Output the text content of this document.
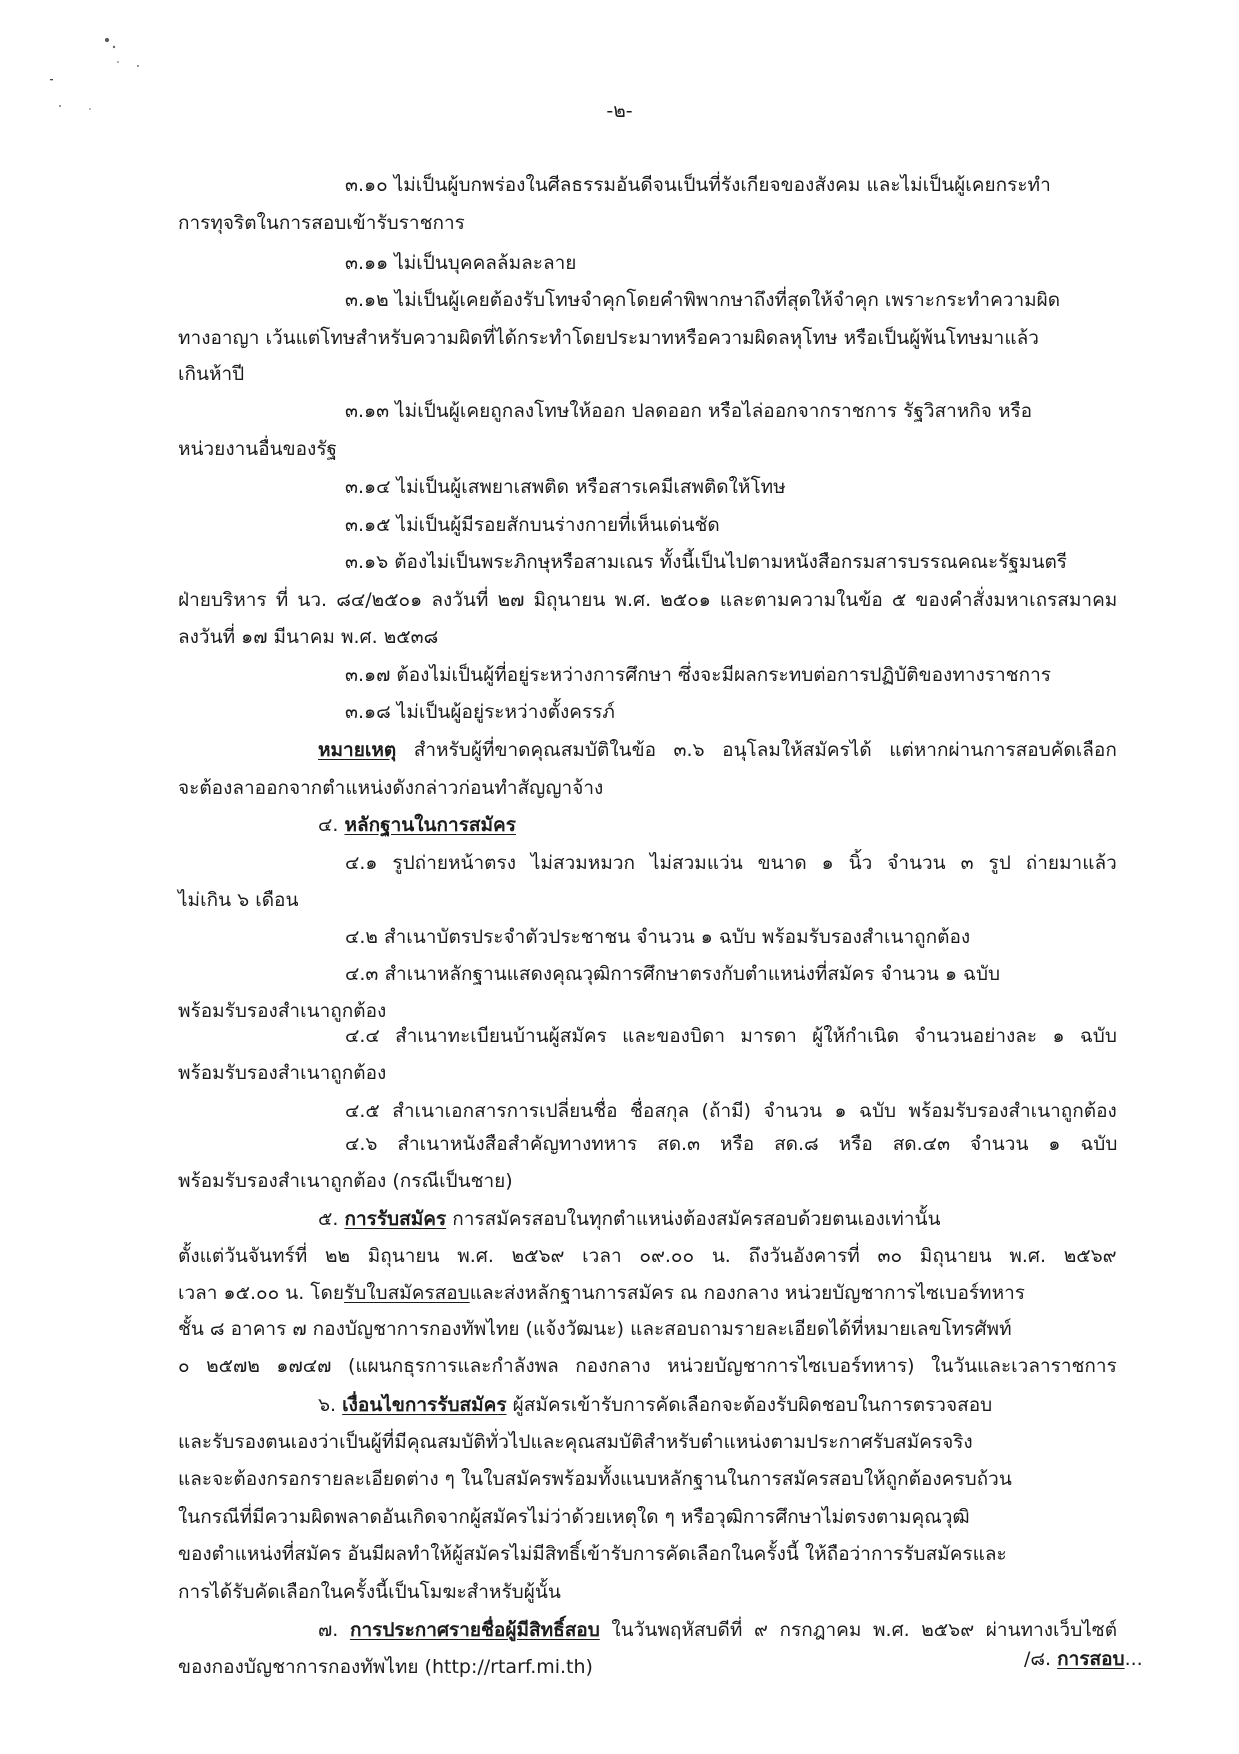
-๒-
๓.๑๐ ไม่เป็นผู้บกพร่องในศีลธรรมอันดีจนเป็นที่รังเกียจของสังคม และไม่เป็นผู้เคยกระทำ
การทุจริตในการสอบเข้ารับราชการ
๓.๑๑ ไม่เป็นบุคคลล้มละลาย
๓.๑๒ ไม่เป็นผู้เคยต้องรับโทษจำคุกโดยคำพิพากษาถึงที่สุดให้จำคุก เพราะกระทำความผิด
ทางอาญา เว้นแต่โทษสำหรับความผิดที่ได้กระทำโดยประมาทหรือความผิดลหุโทษ หรือเป็นผู้พ้นโทษมาแล้ว
เกินห้าปี
๓.๑๓ ไม่เป็นผู้เคยถูกลงโทษให้ออก ปลดออก หรือไล่ออกจากราชการ รัฐวิสาหกิจ หรือ
หน่วยงานอื่นของรัฐ
๓.๑๔ ไม่เป็นผู้เสพยาเสพติด หรือสารเคมีเสพติดให้โทษ
๓.๑๕ ไม่เป็นผู้มีรอยสักบนร่างกายที่เห็นเด่นชัด
๓.๑๖ ต้องไม่เป็นพระภิกษุหรือสามเณร ทั้งนี้เป็นไปตามหนังสือกรมสารบรรณคณะรัฐมนตรี
ฝ่ายบริหาร ที่ นว. ๘๔/๒๕๐๑ ลงวันที่ ๒๗ มิถุนายน พ.ศ. ๒๕๐๑ และตามความในข้อ ๕ ของคำสั่งมหาเถรสมาคม
ลงวันที่ ๑๗ มีนาคม พ.ศ. ๒๕๓๘
๓.๑๗ ต้องไม่เป็นผู้ที่อยู่ระหว่างการศึกษา ซึ่งจะมีผลกระทบต่อการปฏิบัติของทางราชการ
๓.๑๘ ไม่เป็นผู้อยู่ระหว่างตั้งครรภ์
หมายเหตุ สำหรับผู้ที่ขาดคุณสมบัติในข้อ ๓.๖ อนุโลมให้สมัครได้ แต่หากผ่านการสอบคัดเลือก
จะต้องลาออกจากตำแหน่งดังกล่าวก่อนทำสัญญาจ้าง
๔. หลักฐานในการสมัคร
๔.๑ รูปถ่ายหน้าตรง ไม่สวมหมวก ไม่สวมแว่น ขนาด ๑ นิ้ว จำนวน ๓ รูป ถ่ายมาแล้ว
ไม่เกิน ๖ เดือน
๔.๒ สำเนาบัตรประจำตัวประชาชน จำนวน ๑ ฉบับ พร้อมรับรองสำเนาถูกต้อง
๔.๓ สำเนาหลักฐานแสดงคุณวุฒิการศึกษาตรงกับตำแหน่งที่สมัคร จำนวน ๑ ฉบับ
พร้อมรับรองสำเนาถูกต้อง
๔.๔ สำเนาทะเบียนบ้านผู้สมัคร และของบิดา มารดา ผู้ให้กำเนิด จำนวนอย่างละ ๑ ฉบับ
พร้อมรับรองสำเนาถูกต้อง
๔.๕ สำเนาเอกสารการเปลี่ยนชื่อ ชื่อสกุล (ถ้ามี) จำนวน ๑ ฉบับ พร้อมรับรองสำเนาถูกต้อง
๔.๖ สำเนาหนังสือสำคัญทางทหาร สด.๓ หรือ สด.๘ หรือ สด.๔๓ จำนวน ๑ ฉบับ
พร้อมรับรองสำเนาถูกต้อง (กรณีเป็นชาย)
๕. การรับสมัคร การสมัครสอบในทุกตำแหน่งต้องสมัครสอบด้วยตนเองเท่านั้น
ตั้งแต่วันจันทร์ที่ ๒๒ มิถุนายน พ.ศ. ๒๕๖๙ เวลา ๐๙.๐๐ น. ถึงวันอังคารที่ ๓๐ มิถุนายน พ.ศ. ๒๕๖๙
เวลา ๑๕.๐๐ น. โดยรับใบสมัครสอบและส่งหลักฐานการสมัคร ณ กองกลาง หน่วยบัญชาการไซเบอร์ทหาร
ชั้น ๘ อาคาร ๗ กองบัญชาการกองทัพไทย (แจ้งวัฒนะ) และสอบถามรายละเอียดได้ที่หมายเลขโทรศัพท์
๐ ๒๕๗๒ ๑๗๔๗ (แผนกธุรการและกำลังพล กองกลาง หน่วยบัญชาการไซเบอร์ทหาร) ในวันและเวลาราชการ
๖. เงื่อนไขการรับสมัคร ผู้สมัครเข้ารับการคัดเลือกจะต้องรับผิดชอบในการตรวจสอบ
และรับรองตนเองว่าเป็นผู้ที่มีคุณสมบัติทั่วไปและคุณสมบัติสำหรับตำแหน่งตามประกาศรับสมัครจริง
และจะต้องกรอกรายละเอียดต่าง ๆ ในใบสมัครพร้อมทั้งแนบหลักฐานในการสมัครสอบให้ถูกต้องครบถ้วน
ในกรณีที่มีความผิดพลาดอันเกิดจากผู้สมัครไม่ว่าด้วยเหตุใด ๆ หรือวุฒิการศึกษาไม่ตรงตามคุณวุฒิ
ของตำแหน่งที่สมัคร อันมีผลทำให้ผู้สมัครไม่มีสิทธิ์เข้ารับการคัดเลือกในครั้งนี้ ให้ถือว่าการรับสมัครและ
การได้รับคัดเลือกในครั้งนี้เป็นโมฆะสำหรับผู้นั้น
๗. การประกาศรายชื่อผู้มีสิทธิ์สอบ ในวันพฤหัสบดีที่ ๙ กรกฎาคม พ.ศ. ๒๕๖๙ ผ่านทางเว็บไซต์
ของกองบัญชาการกองทัพไทย (http://rtarf.mi.th)	/๘. การสอบ...
